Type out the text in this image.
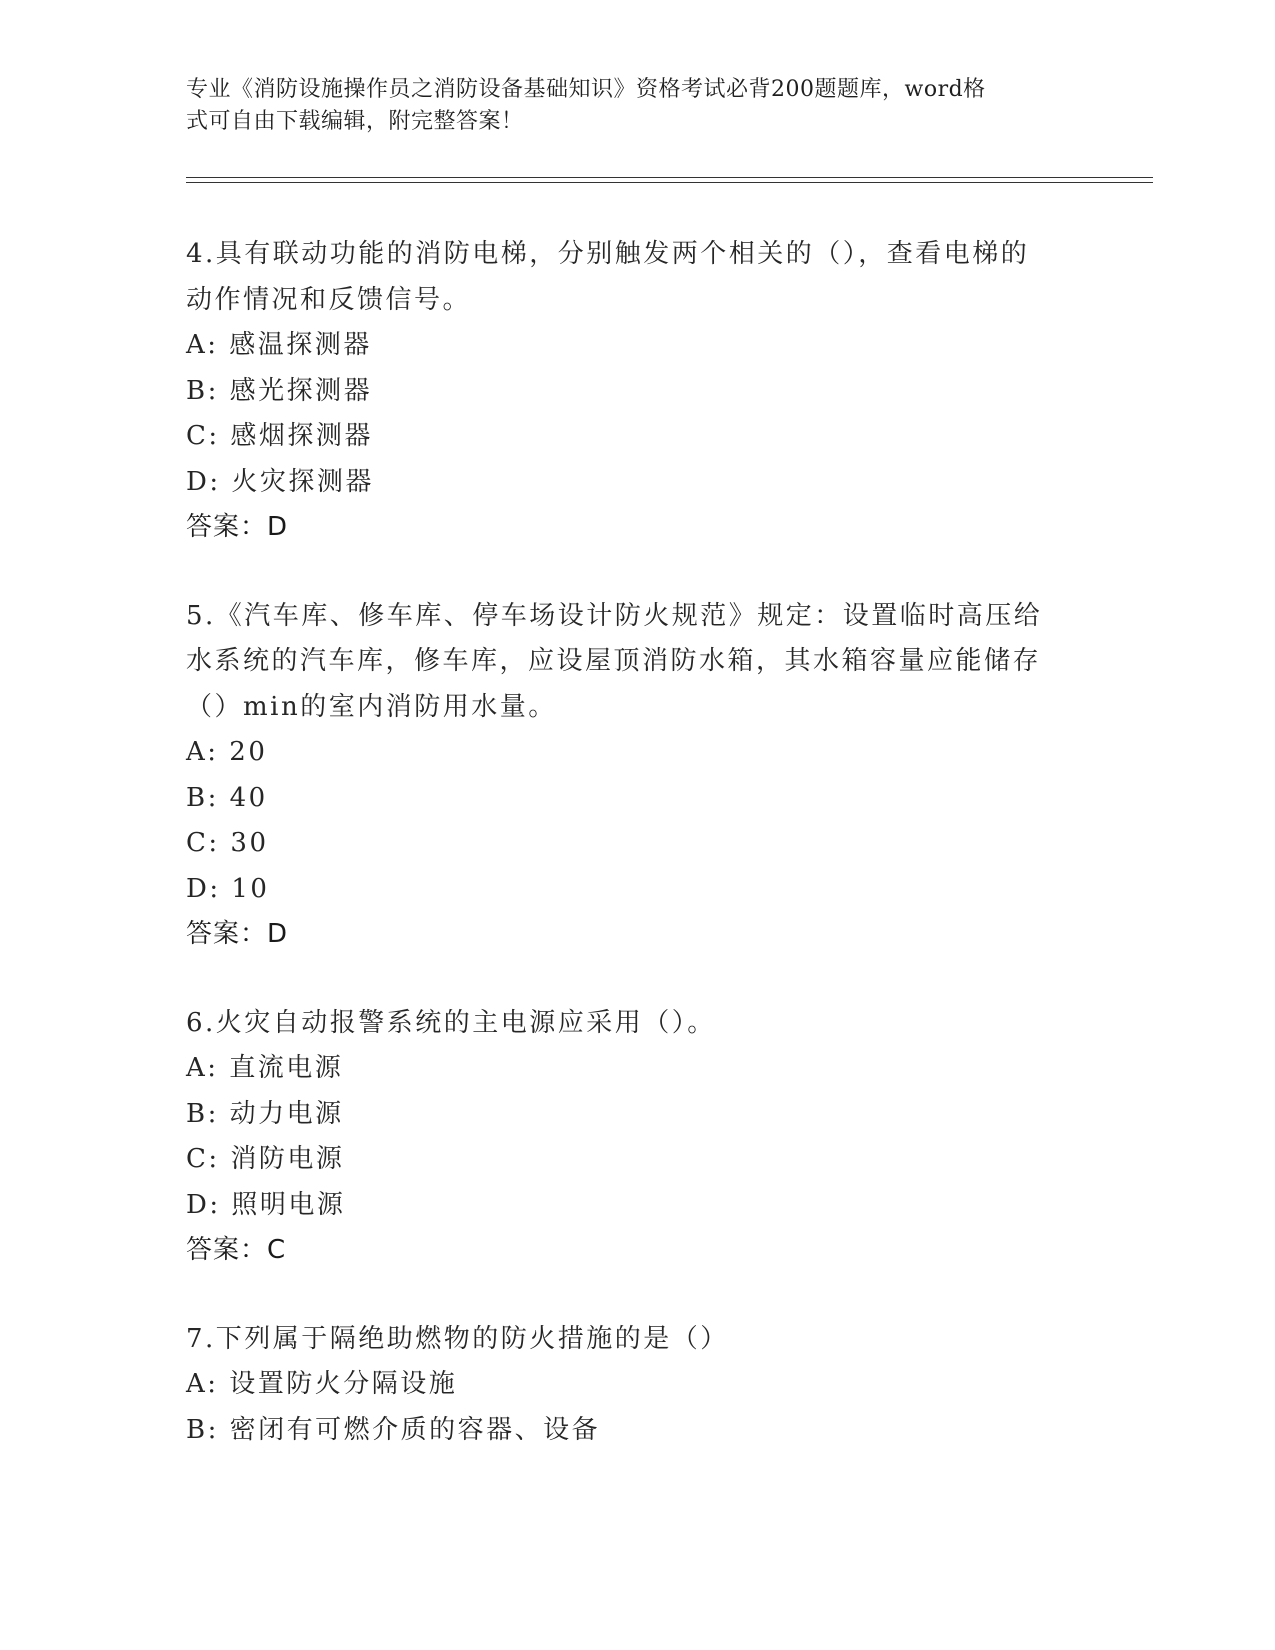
专业《消防设施操作员之消防设备基础知识》资格考试必背200题题库，word格
式可自由下载编辑，附完整答案！
4.具有联动功能的消防电梯，分别触发两个相关的（），查看电梯的
动作情况和反馈信号。
A: 感温探测器
B: 感光探测器
C: 感烟探测器
D: 火灾探测器
答案：D
5.《汽车库、修车库、停车场设计防火规范》规定：设置临时高压给
水系统的汽车库，修车库，应设屋顶消防水箱，其水箱容量应能储存
（）min的室内消防用水量。
A: 20
B: 40
C: 30
D: 10
答案：D
6.火灾自动报警系统的主电源应采用（）。
A: 直流电源
B: 动力电源
C: 消防电源
D: 照明电源
答案：C
7.下列属于隔绝助燃物的防火措施的是（）
A: 设置防火分隔设施
B: 密闭有可燃介质的容器、设备
